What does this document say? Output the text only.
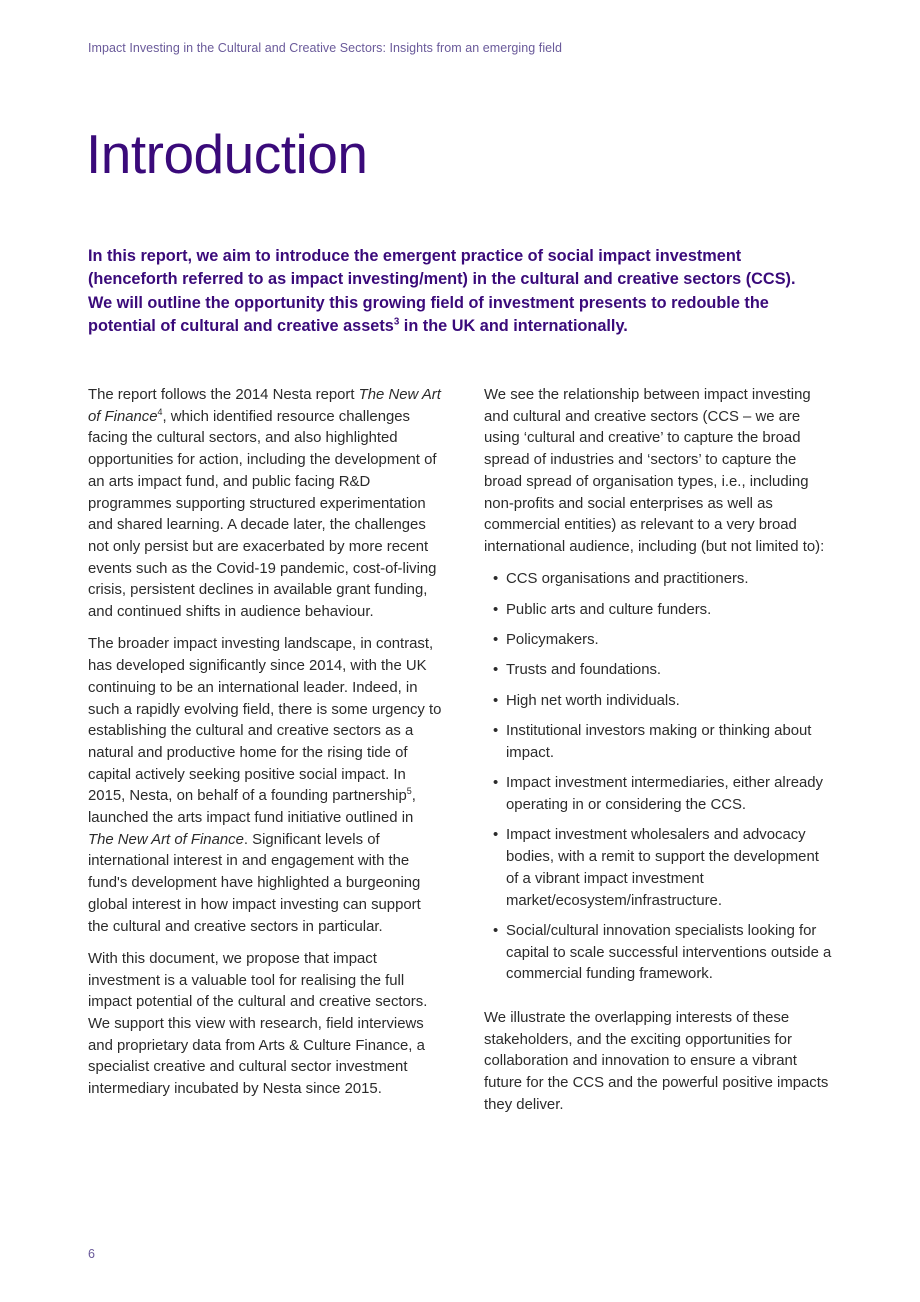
Impact Investing in the Cultural and Creative Sectors: Insights from an emerging field
Introduction

In this report, we aim to introduce the emergent practice of social impact investment (henceforth referred to as impact investing/ment) in the cultural and creative sectors (CCS). We will outline the opportunity this growing field of investment presents to redouble the potential of cultural and creative assets$^3$ in the UK and internationally.

The report follows the 2014 Nesta report The New Art of Finance$^4$, which identified resource challenges facing the cultural sectors, and also highlighted opportunities for action, including the development of an arts impact fund, and public facing R&D programmes supporting structured experimentation and shared learning. A decade later, the challenges not only persist but are exacerbated by more recent events such as the Covid-19 pandemic, cost-of-living crisis, persistent declines in available grant funding, and continued shifts in audience behaviour.

The broader impact investing landscape, in contrast, has developed significantly since 2014, with the UK continuing to be an international leader. Indeed, in such a rapidly evolving field, there is some urgency to establishing the cultural and creative sectors as a natural and productive home for the rising tide of capital actively seeking positive social impact. In 2015, Nesta, on behalf of a founding partnership$^5$, launched the arts impact fund initiative outlined in The New Art of Finance. Significant levels of international interest in and engagement with the fund's development have highlighted a burgeoning global interest in how impact investing can support the cultural and creative sectors in particular.

With this document, we propose that impact investment is a valuable tool for realising the full impact potential of the cultural and creative sectors. We support this view with research, field interviews and proprietary data from Arts & Culture Finance, a specialist creative and cultural sector investment intermediary incubated by Nesta since 2015.

We see the relationship between impact investing and cultural and creative sectors (CCS – we are using ‘cultural and creative’ to capture the broad spread of industries and ‘sectors’ to capture the broad spread of organisation types, i.e., including non-profits and social enterprises as well as commercial entities) as relevant to a very broad international audience, including (but not limited to):

• CCS organisations and practitioners.
• Public arts and culture funders.
• Policymakers.
• Trusts and foundations.
• High net worth individuals.
• Institutional investors making or thinking about impact.
• Impact investment intermediaries, either already operating in or considering the CCS.
• Impact investment wholesalers and advocacy bodies, with a remit to support the development of a vibrant impact investment market/ecosystem/infrastructure.
• Social/cultural innovation specialists looking for capital to scale successful interventions outside a commercial funding framework.

We illustrate the overlapping interests of these stakeholders, and the exciting opportunities for collaboration and innovation to ensure a vibrant future for the CCS and the powerful positive impacts they deliver.

6
